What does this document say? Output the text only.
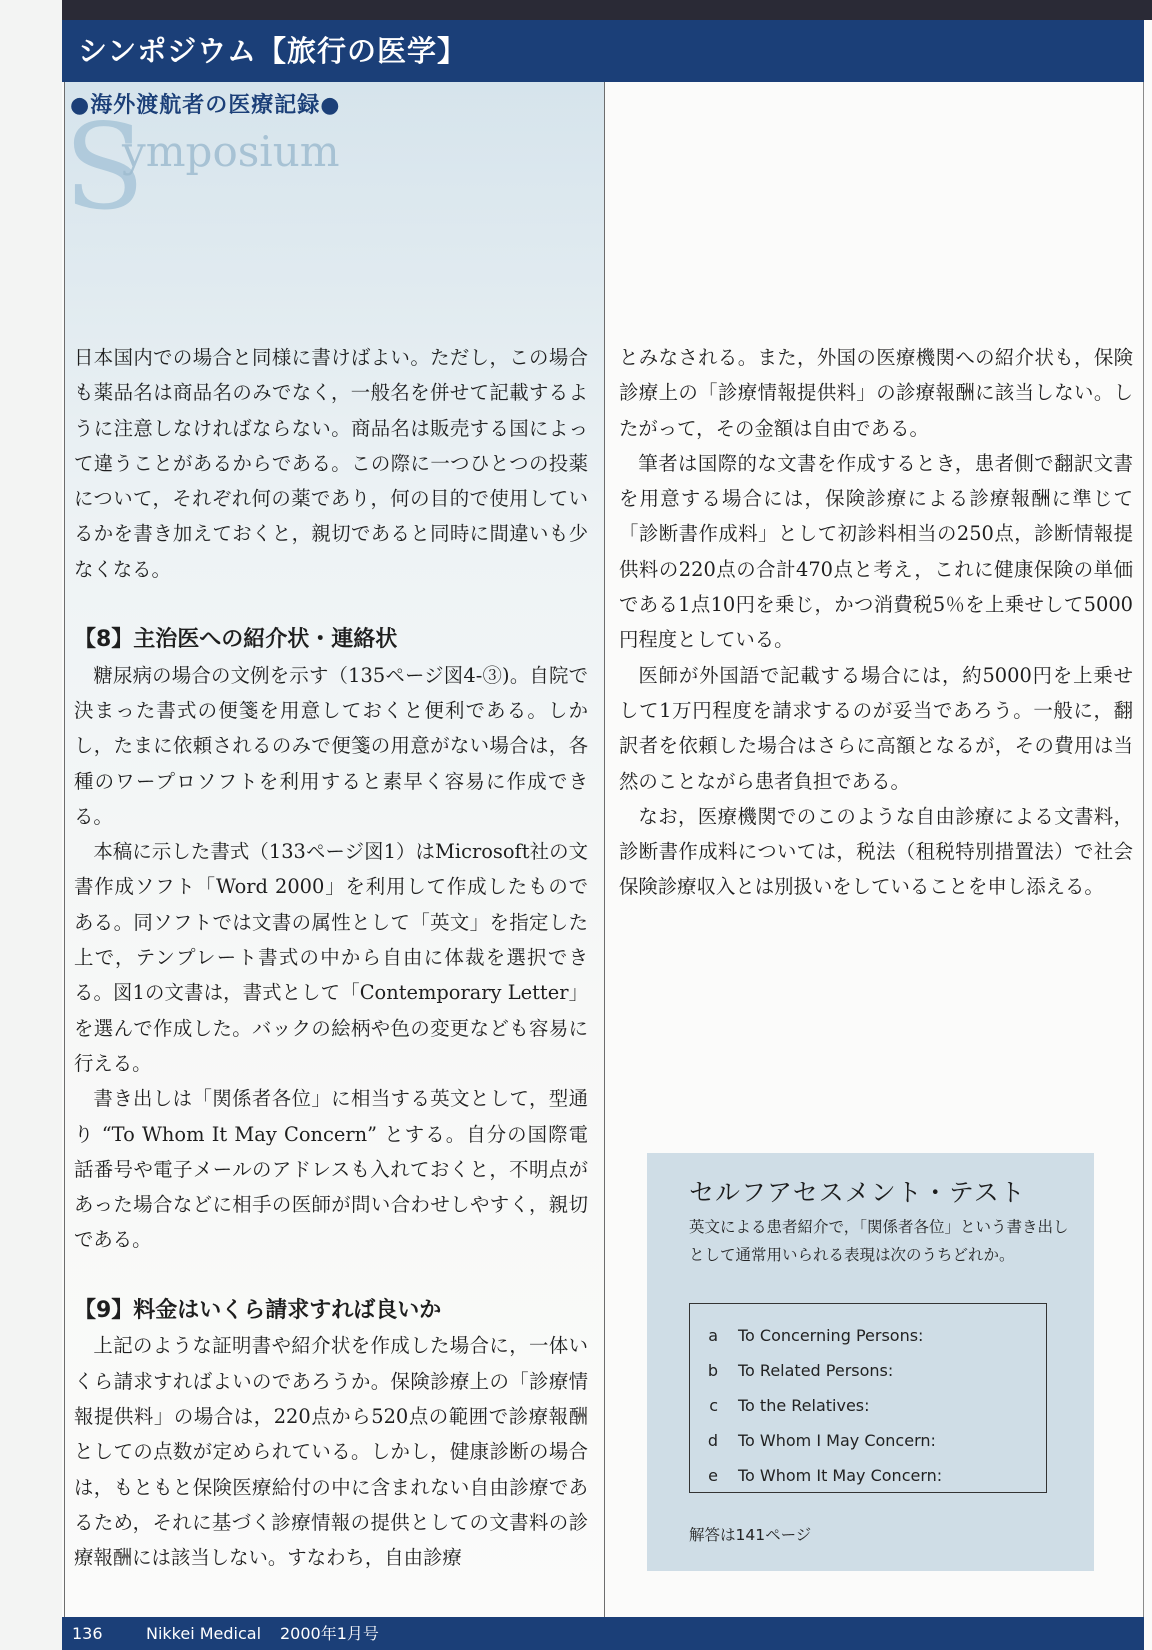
シンポジウム【旅行の医学】
●海外渡航者の医療記録●
S
ymposium

日本国内での場合と同様に書けばよい。ただし，この場合も薬品名は商品名のみでなく，一般名を併せて記載するように注意しなければならない。商品名は販売する国によって違うことがあるからである。この際に一つひとつの投薬について，それぞれ何の薬であり，何の目的で使用しているかを書き加えておくと，親切であると同時に間違いも少なくなる。

【8】主治医への紹介状・連絡状

糖尿病の場合の文例を示す（135ページ図4-③)。自院で決まった書式の便箋を用意しておくと便利である。しかし，たまに依頼されるのみで便箋の用意がない場合は，各種のワープロソフトを利用すると素早く容易に作成できる。

本稿に示した書式（133ページ図1）はMicrosoft社の文書作成ソフト「Word 2000」を利用して作成したものである。同ソフトでは文書の属性として「英文」を指定した上で，テンプレート書式の中から自由に体裁を選択できる。図1の文書は，書式として「Contemporary Letter」を選んで作成した。バックの絵柄や色の変更なども容易に行える。

書き出しは「関係者各位」に相当する英文として，型通り “To Whom It May Concern” とする。自分の国際電話番号や電子メールのアドレスも入れておくと，不明点があった場合などに相手の医師が問い合わせしやすく，親切である。

【9】料金はいくら請求すれば良いか

上記のような証明書や紹介状を作成した場合に，一体いくら請求すればよいのであろうか。保険診療上の「診療情報提供料」の場合は，220点から520点の範囲で診療報酬としての点数が定められている。しかし，健康診断の場合は，もともと保険医療給付の中に含まれない自由診療であるため，それに基づく診療情報の提供としての文書料の診療報酬には該当しない。すなわち，自由診療

とみなされる。また，外国の医療機関への紹介状も，保険診療上の「診療情報提供料」の診療報酬に該当しない。したがって，その金額は自由である。

筆者は国際的な文書を作成するとき，患者側で翻訳文書を用意する場合には，保険診療による診療報酬に準じて「診断書作成料」として初診料相当の250点，診断情報提供料の220点の合計470点と考え，これに健康保険の単価である1点10円を乗じ，かつ消費税5％を上乗せして5000円程度としている。

医師が外国語で記載する場合には，約5000円を上乗せして1万円程度を請求するのが妥当であろう。一般に，翻訳者を依頼した場合はさらに高額となるが，その費用は当然のことながら患者負担である。

なお，医療機関でのこのような自由診療による文書料，診断書作成料については，税法（租税特別措置法）で社会保険診療収入とは別扱いをしていることを申し添える。

セルフアセスメント・テスト
英文による患者紹介で，「関係者各位」という書き出しとして通常用いられる表現は次のうちどれか。
a	To Concerning Persons:
b	To Related Persons:
c	To the Relatives:
d	To Whom I May Concern:
e	To Whom It May Concern:
解答は141ページ
136	Nikkei Medical 2000年1月号
